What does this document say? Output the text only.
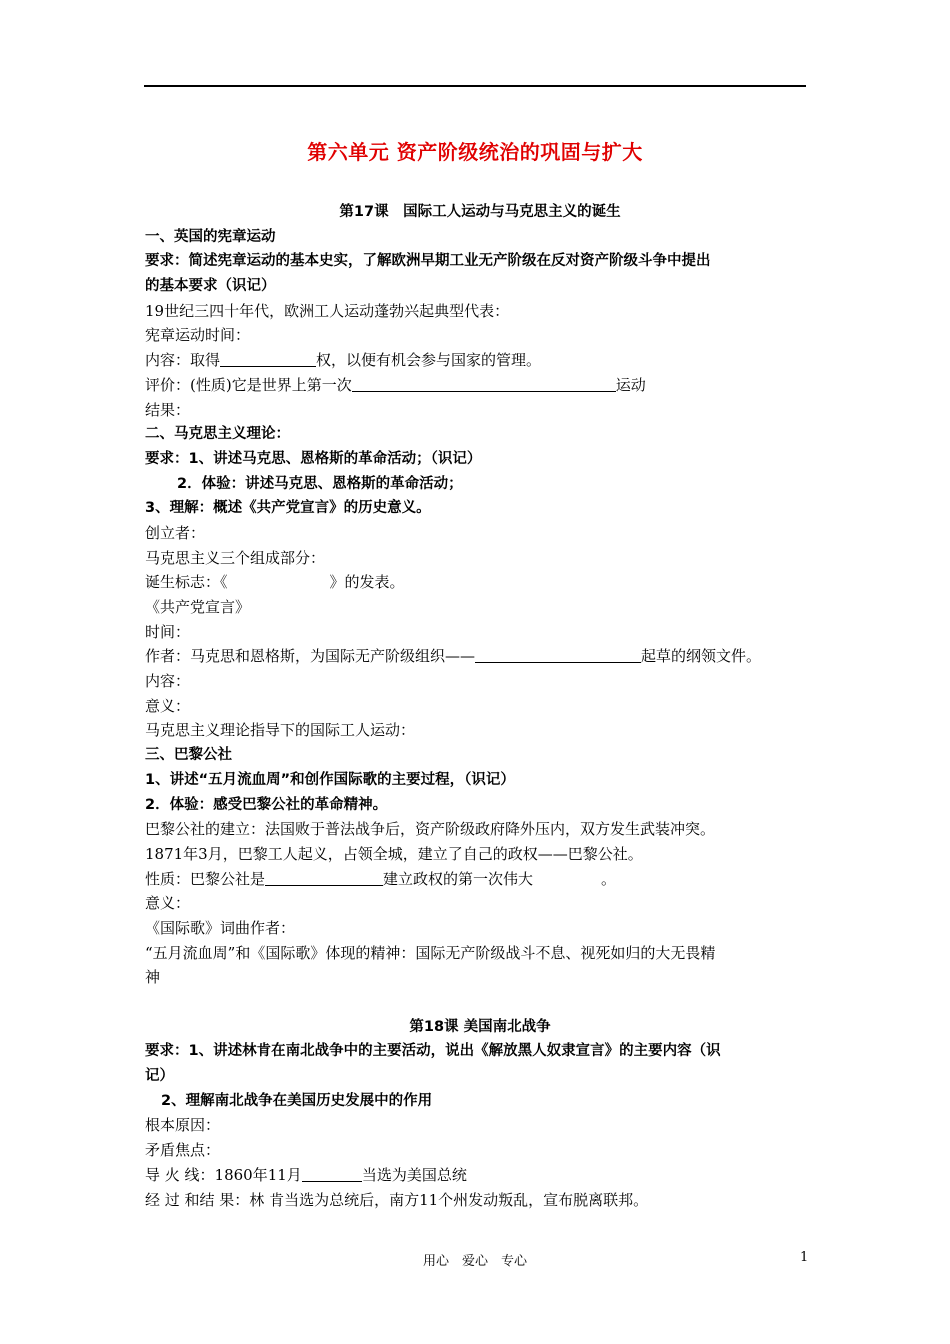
第六单元 资产阶级统治的巩固与扩大
第17课　国际工人运动与马克思主义的诞生
一、英国的宪章运动
要求：简述宪章运动的基本史实，了解欧洲早期工业无产阶级在反对资产阶级斗争中提出
的基本要求（识记）
19世纪三四十年代，欧洲工人运动蓬勃兴起典型代表：
宪章运动时间：
内容：取得	权，以便有机会参与国家的管理。
评价：(性质)它是世界上第一次	运动
结果：
二、马克思主义理论：
要求：1、讲述马克思、恩格斯的革命活动；（识记）
2．体验：讲述马克思、恩格斯的革命活动；
3、理解：概述《共产党宣言》的历史意义。
创立者：
马克思主义三个组成部分：
诞生标志：《	》的发表。
《共产党宣言》
时间：
作者：马克思和恩格斯，为国际无产阶级组织——	起草的纲领文件。
内容：
意义：
马克思主义理论指导下的国际工人运动：
三、巴黎公社
1、讲述“五月流血周”和创作国际歌的主要过程，（识记）
2．体验：感受巴黎公社的革命精神。
巴黎公社的建立：法国败于普法战争后，资产阶级政府降外压内，双方发生武装冲突。
1871年3月，巴黎工人起义，占领全城，建立了自己的政权——巴黎公社。
性质：巴黎公社是	建立政权的第一次伟大	。
意义：
《国际歌》词曲作者：
“五月流血周”和《国际歌》体现的精神：国际无产阶级战斗不息、视死如归的大无畏精
神
第18课 美国南北战争
要求：1、讲述林肯在南北战争中的主要活动，说出《解放黑人奴隶宣言》的主要内容（识
记）
2、理解南北战争在美国历史发展中的作用
根本原因：
矛盾焦点：
导 火 线：1860年11月	当选为美国总统
经 过 和结 果：林 肯当选为总统后，南方11个州发动叛乱，宣布脱离联邦。
用心　爱心　专心	1
